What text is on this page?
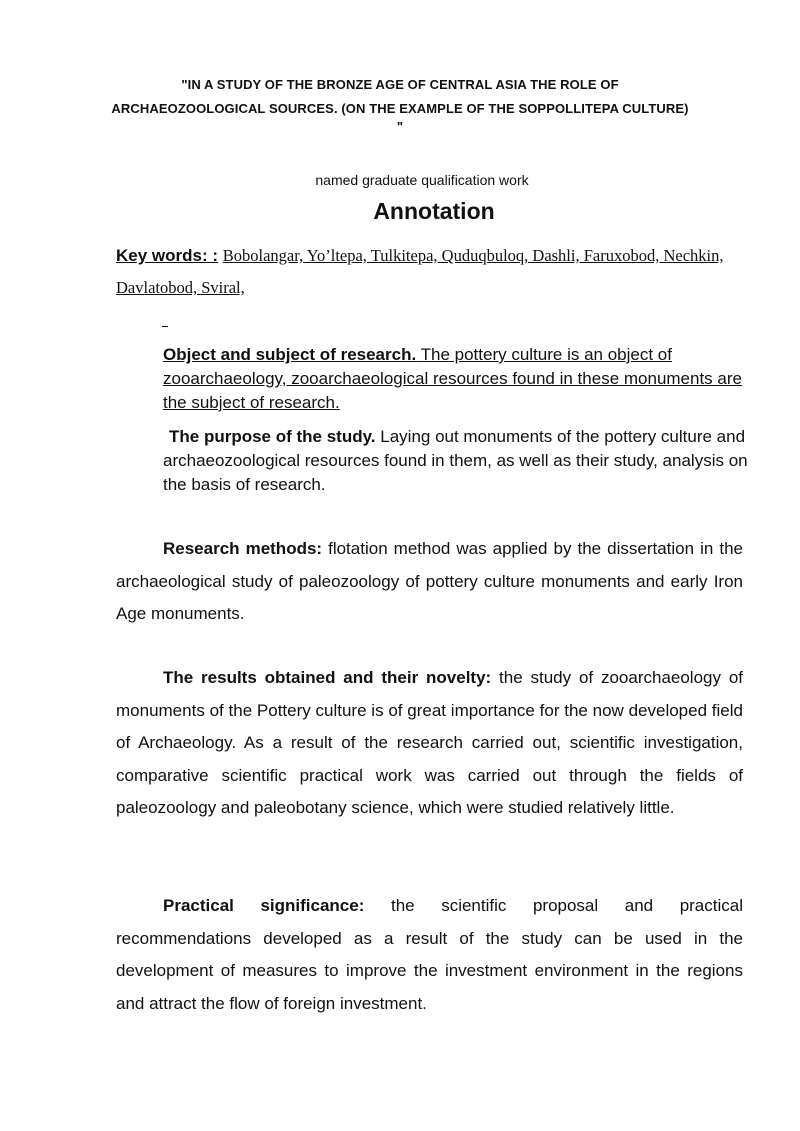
"IN A STUDY OF THE BRONZE AGE OF CENTRAL ASIA THE ROLE OF
ARCHAEOZOOLOGICAL SOURCES. (ON THE EXAMPLE OF THE SOPPOLLITEPA CULTURE)
"
named graduate qualification work
Annotation
Key words: : Bobolangar, Yo’ltepa, Tulkitepa, Quduqbuloq, Dashli, Faruxobod, Nechkin, Davlatobod, Sviral,
Object and subject of research. The pottery culture is an object of zooarchaeology, zooarchaeological resources found in these monuments are the subject of research.
The purpose of the study. Laying out monuments of the pottery culture and archaeozoological resources found in them, as well as their study, analysis on the basis of research.
Research methods: flotation method was applied by the dissertation in the archaeological study of paleozoology of pottery culture monuments and early Iron Age monuments.
The results obtained and their novelty: the study of zooarchaeology of monuments of the Pottery culture is of great importance for the now developed field of Archaeology. As a result of the research carried out, scientific investigation, comparative scientific practical work was carried out through the fields of paleozoology and paleobotany science, which were studied relatively little.
Practical significance: the scientific proposal and practical recommendations developed as a result of the study can be used in the development of measures to improve the investment environment in the regions and attract the flow of foreign investment.
